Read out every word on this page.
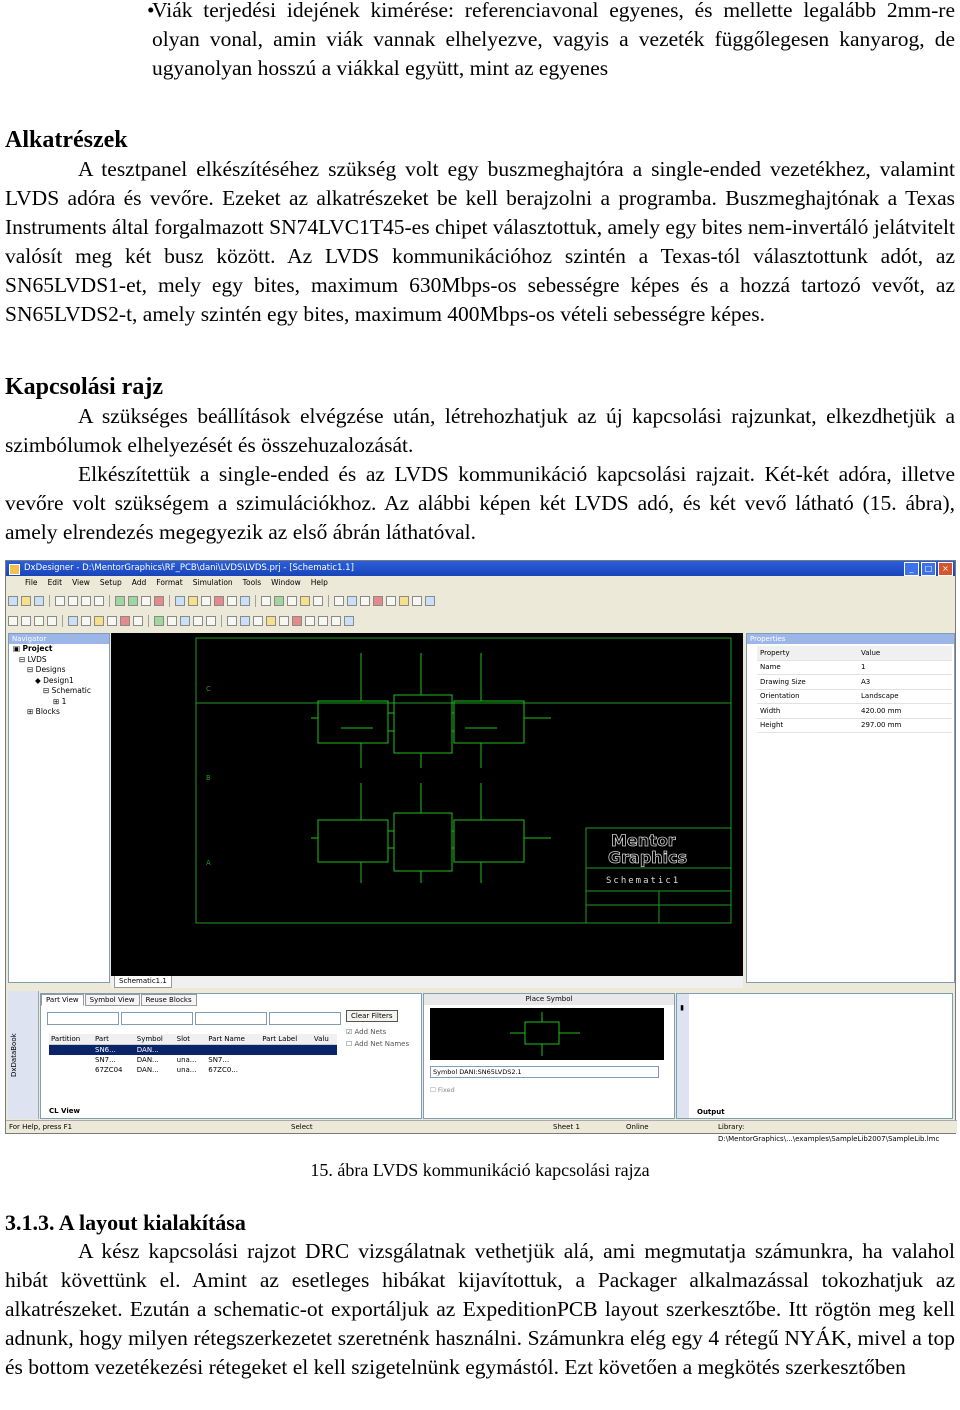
• Viák terjedési idejének kimérése: referenciavonal egyenes, és mellette legalább 2mm-re olyan vonal, amin viák vannak elhelyezve, vagyis a vezeték függőlegesen kanyarog, de ugyanolyan hosszú a viákkal együtt, mint az egyenes

Alkatrészek

A tesztpanel elkészítéséhez szükség volt egy buszmeghajtóra a single-ended vezetékhez, valamint LVDS adóra és vevőre. Ezeket az alkatrészeket be kell berajzolni a programba. Buszmeghajtónak a Texas Instruments által forgalmazott SN74LVC1T45-es chipet választottuk, amely egy bites nem-invertáló jelátvitelt valósít meg két busz között. Az LVDS kommunikációhoz szintén a Texas-tól választottunk adót, az SN65LVDS1-et, mely egy bites, maximum 630Mbps-os sebességre képes és a hozzá tartozó vevőt, az SN65LVDS2-t, amely szintén egy bites, maximum 400Mbps-os vételi sebességre képes.

Kapcsolási rajz

A szükséges beállítások elvégzése után, létrehozhatjuk az új kapcsolási rajzunkat, elkezdhetjük a szimbólumok elhelyezését és összehuzalozását.

Elkészítettük a single-ended és az LVDS kommunikáció kapcsolási rajzait. Két-két adóra, illetve vevőre volt szükségem a szimulációkhoz. Az alábbi képen két LVDS adó, és két vevő látható (15. ábra), amely elrendezés megegyezik az első ábrán láthatóval.

DxDesigner - D:\MentorGraphics\RF_PCB\dani\LVDS\LVDS.prj - [Schematic1.1]	_	□	×
File	Edit	View	Setup	Add	Format	Simulation	Tools	Window	Help
Navigator
▣ Project
⊟ LVDS
⊟ Designs
◆ Design1
⊟ Schematic
⊞ 1
⊞ Blocks
C
B
A
Mentor
Graphics
Schematic1
Schematic1.1
Properties
Property	Value
Name	1
Drawing Size	A3
Orientation	Landscape
Width	420.00 mm
Height	297.00 mm
DxDataBook
Part View	Symbol View	Reuse Blocks
Clear Filters
☑ Add Nets
☐ Add Net Names
Partition	Part	Symbol	Slot	Part Name	Part Label	Valu
	SN6...	DAN...				
	SN7...	DAN...	una...	SN7...		
	67ZC04	DAN...	una...	67ZC0...		
CL View
Place Symbol
Symbol DANI:SN65LVDS2.1
☐ Fixed
▮
Output
For Help, press F1	Select	Sheet 1	Online	Library: D:\MentorGraphics\...\examples\SampleLib2007\SampleLib.lmc
15. ábra LVDS kommunikáció kapcsolási rajza
3.1.3. A layout kialakítása

A kész kapcsolási rajzot DRC vizsgálatnak vethetjük alá, ami megmutatja számunkra, ha valahol hibát követtünk el. Amint az esetleges hibákat kijavítottuk, a Packager alkalmazással tokozhatjuk az alkatrészeket. Ezután a schematic-ot exportáljuk az ExpeditionPCB layout szerkesztőbe. Itt rögtön meg kell adnunk, hogy milyen rétegszerkezetet szeretnénk használni. Számunkra elég egy 4 rétegű NYÁK, mivel a top és bottom vezetékezési rétegeket el kell szigetelnünk egymástól. Ezt követően a megkötés szerkesztőben
